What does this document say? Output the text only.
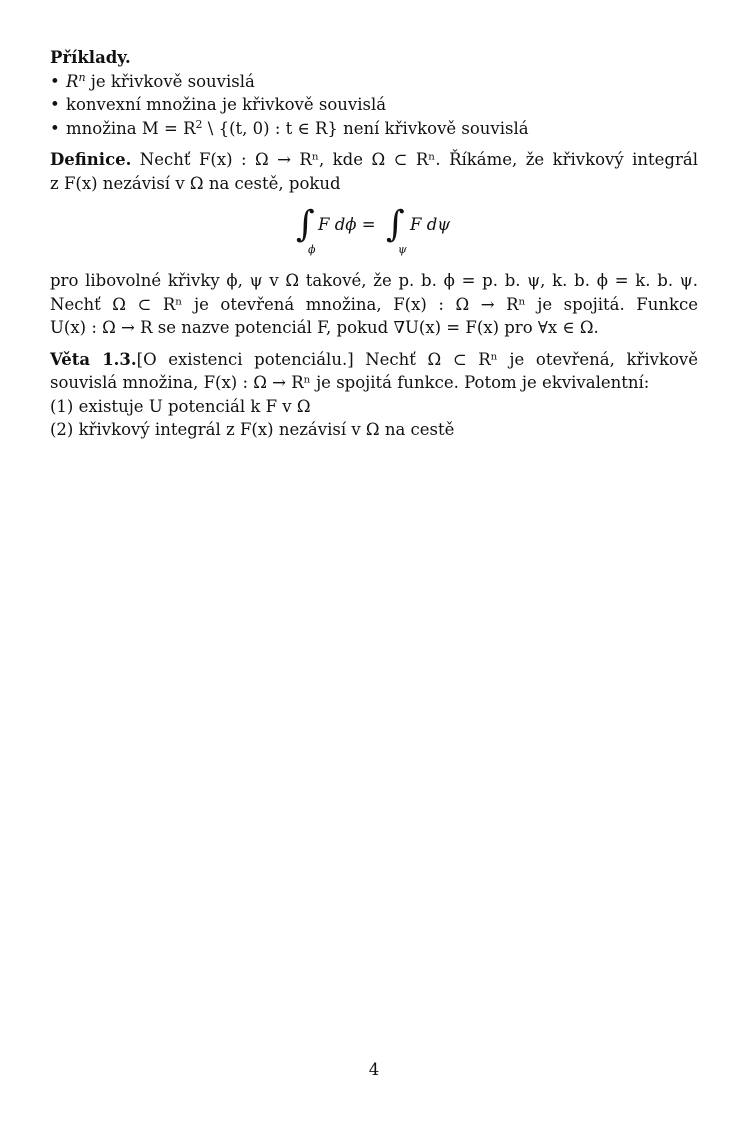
Příklady.
• $R^n$ je křivkově souvislá
• konvexní množina je křivkově souvislá
• množina $M = R^2$ \ {(t, 0) : t ∈ R} není křivkově souvislá
Definice. Nechť F(x) : Ω → Rⁿ, kde Ω ⊂ Rⁿ. Říkáme, že křivkový integrál
z F(x) nezávisí v Ω na cestě, pokud
∫
ϕ
F dϕ = ∫
ψ
F dψ
pro libovolné křivky ϕ, ψ v Ω takové, že p. b. ϕ = p. b. ψ, k. b. ϕ = k. b. ψ.
Nechť Ω ⊂ Rⁿ je otevřená množina, F(x) : Ω → Rⁿ je spojitá. Funkce
U(x) : Ω → R se nazve potenciál F, pokud ∇U(x) = F(x) pro ∀x ∈ Ω.
Věta 1.3.[O existenci potenciálu.] Nechť Ω ⊂ Rⁿ je otevřená, křivkově
souvislá množina, F(x) : Ω → Rⁿ je spojitá funkce. Potom je ekvivalentní:
(1) existuje U potenciál k F v Ω
(2) křivkový integrál z F(x) nezávisí v Ω na cestě
4
